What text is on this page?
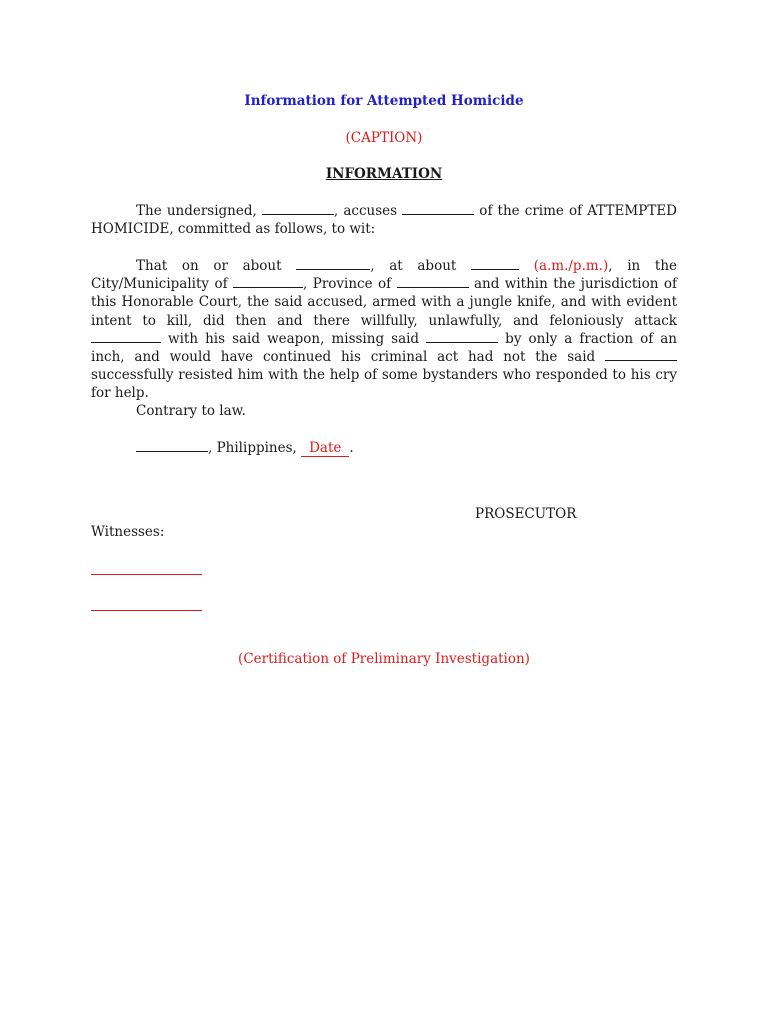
Information for Attempted Homicide
(CAPTION)
INFORMATION
The undersigned,	, accuses	of the crime of ATTEMPTED HOMICIDE, committed as follows, to wit:
That on or about	, at about	(a.m./p.m.), in the City/Municipality of	, Province of	and within the jurisdiction of this Honorable Court, the said accused, armed with a jungle knife, and with evident intent to kill, did then and there willfully, unlawfully, and feloniously attack  with his said weapon, missing said	by only a fraction of an inch, and would have continued his criminal act had not the said  successfully resisted him with the help of some bystanders who responded to his cry for help.
Contrary to law.
, Philippines, Date .
PROSECUTOR
Witnesses:
(Certification of Preliminary Investigation)
